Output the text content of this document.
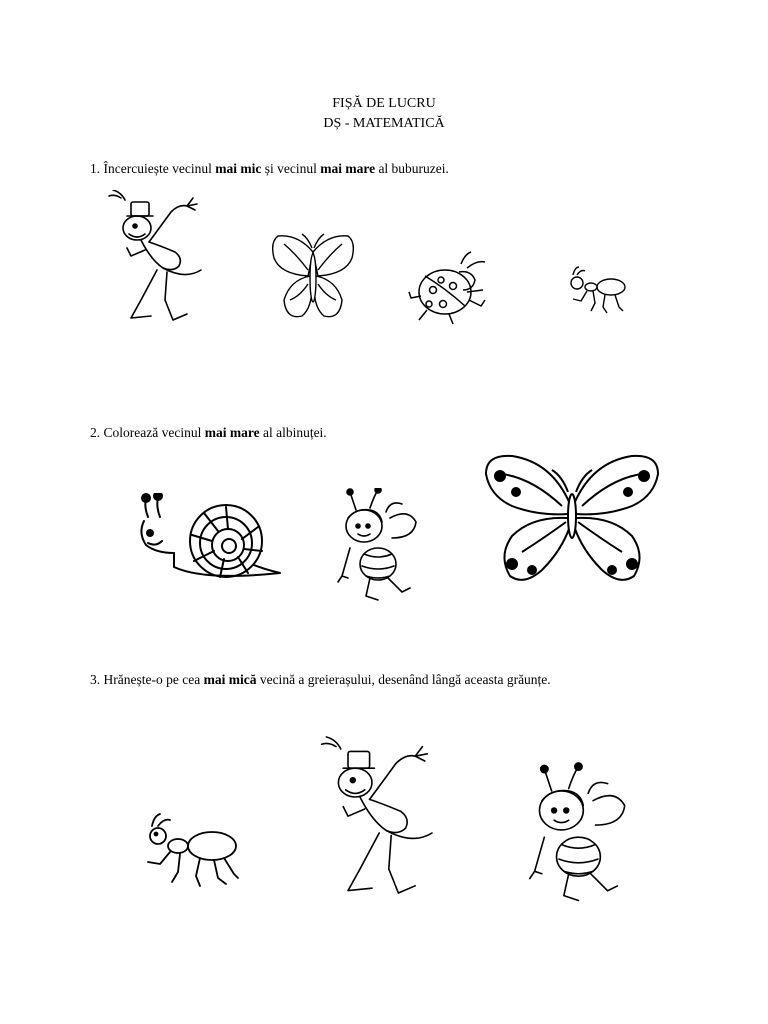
FIȘĂ DE LUCRU
DȘ - MATEMATICĂ
1. Încercuiește vecinul mai mic și vecinul mai mare al buburuzei.
2. Colorează vecinul mai mare al albinuței.
3. Hrănește-o pe cea mai mică vecină a greierașului, desenând lângă aceasta grăunțe.
